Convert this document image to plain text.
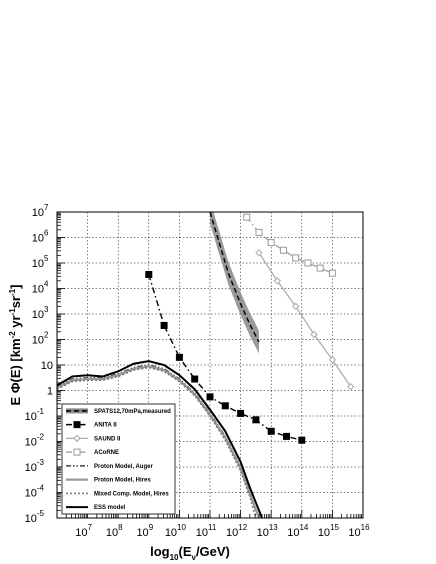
$10^7$ $10^8$ $10^9$ $10^{10}$ $10^{11}$ $10^{12}$ $10^{13}$ $10^{14}$ $10^{15}$ $10^{16}$
$10^{-5}$
$10^{-4}$
$10^{-3}$
$10^{-2}$
$10^{-1}$
1
10
$10^2$
$10^3$
$10^4$
$10^5$
$10^6$
$10^7$
$\log_{10}(E_\nu/GeV)$
E Φ(E) [$km^{-2}$ $yr^{-1}sr^{-1}$]
SPATS12,70mPa,measured
ANITA II
SAUND II
ACoRNE
Proton Model, Auger
Proton Model, Hires
Mixed Comp. Model, Hires
ESS model
